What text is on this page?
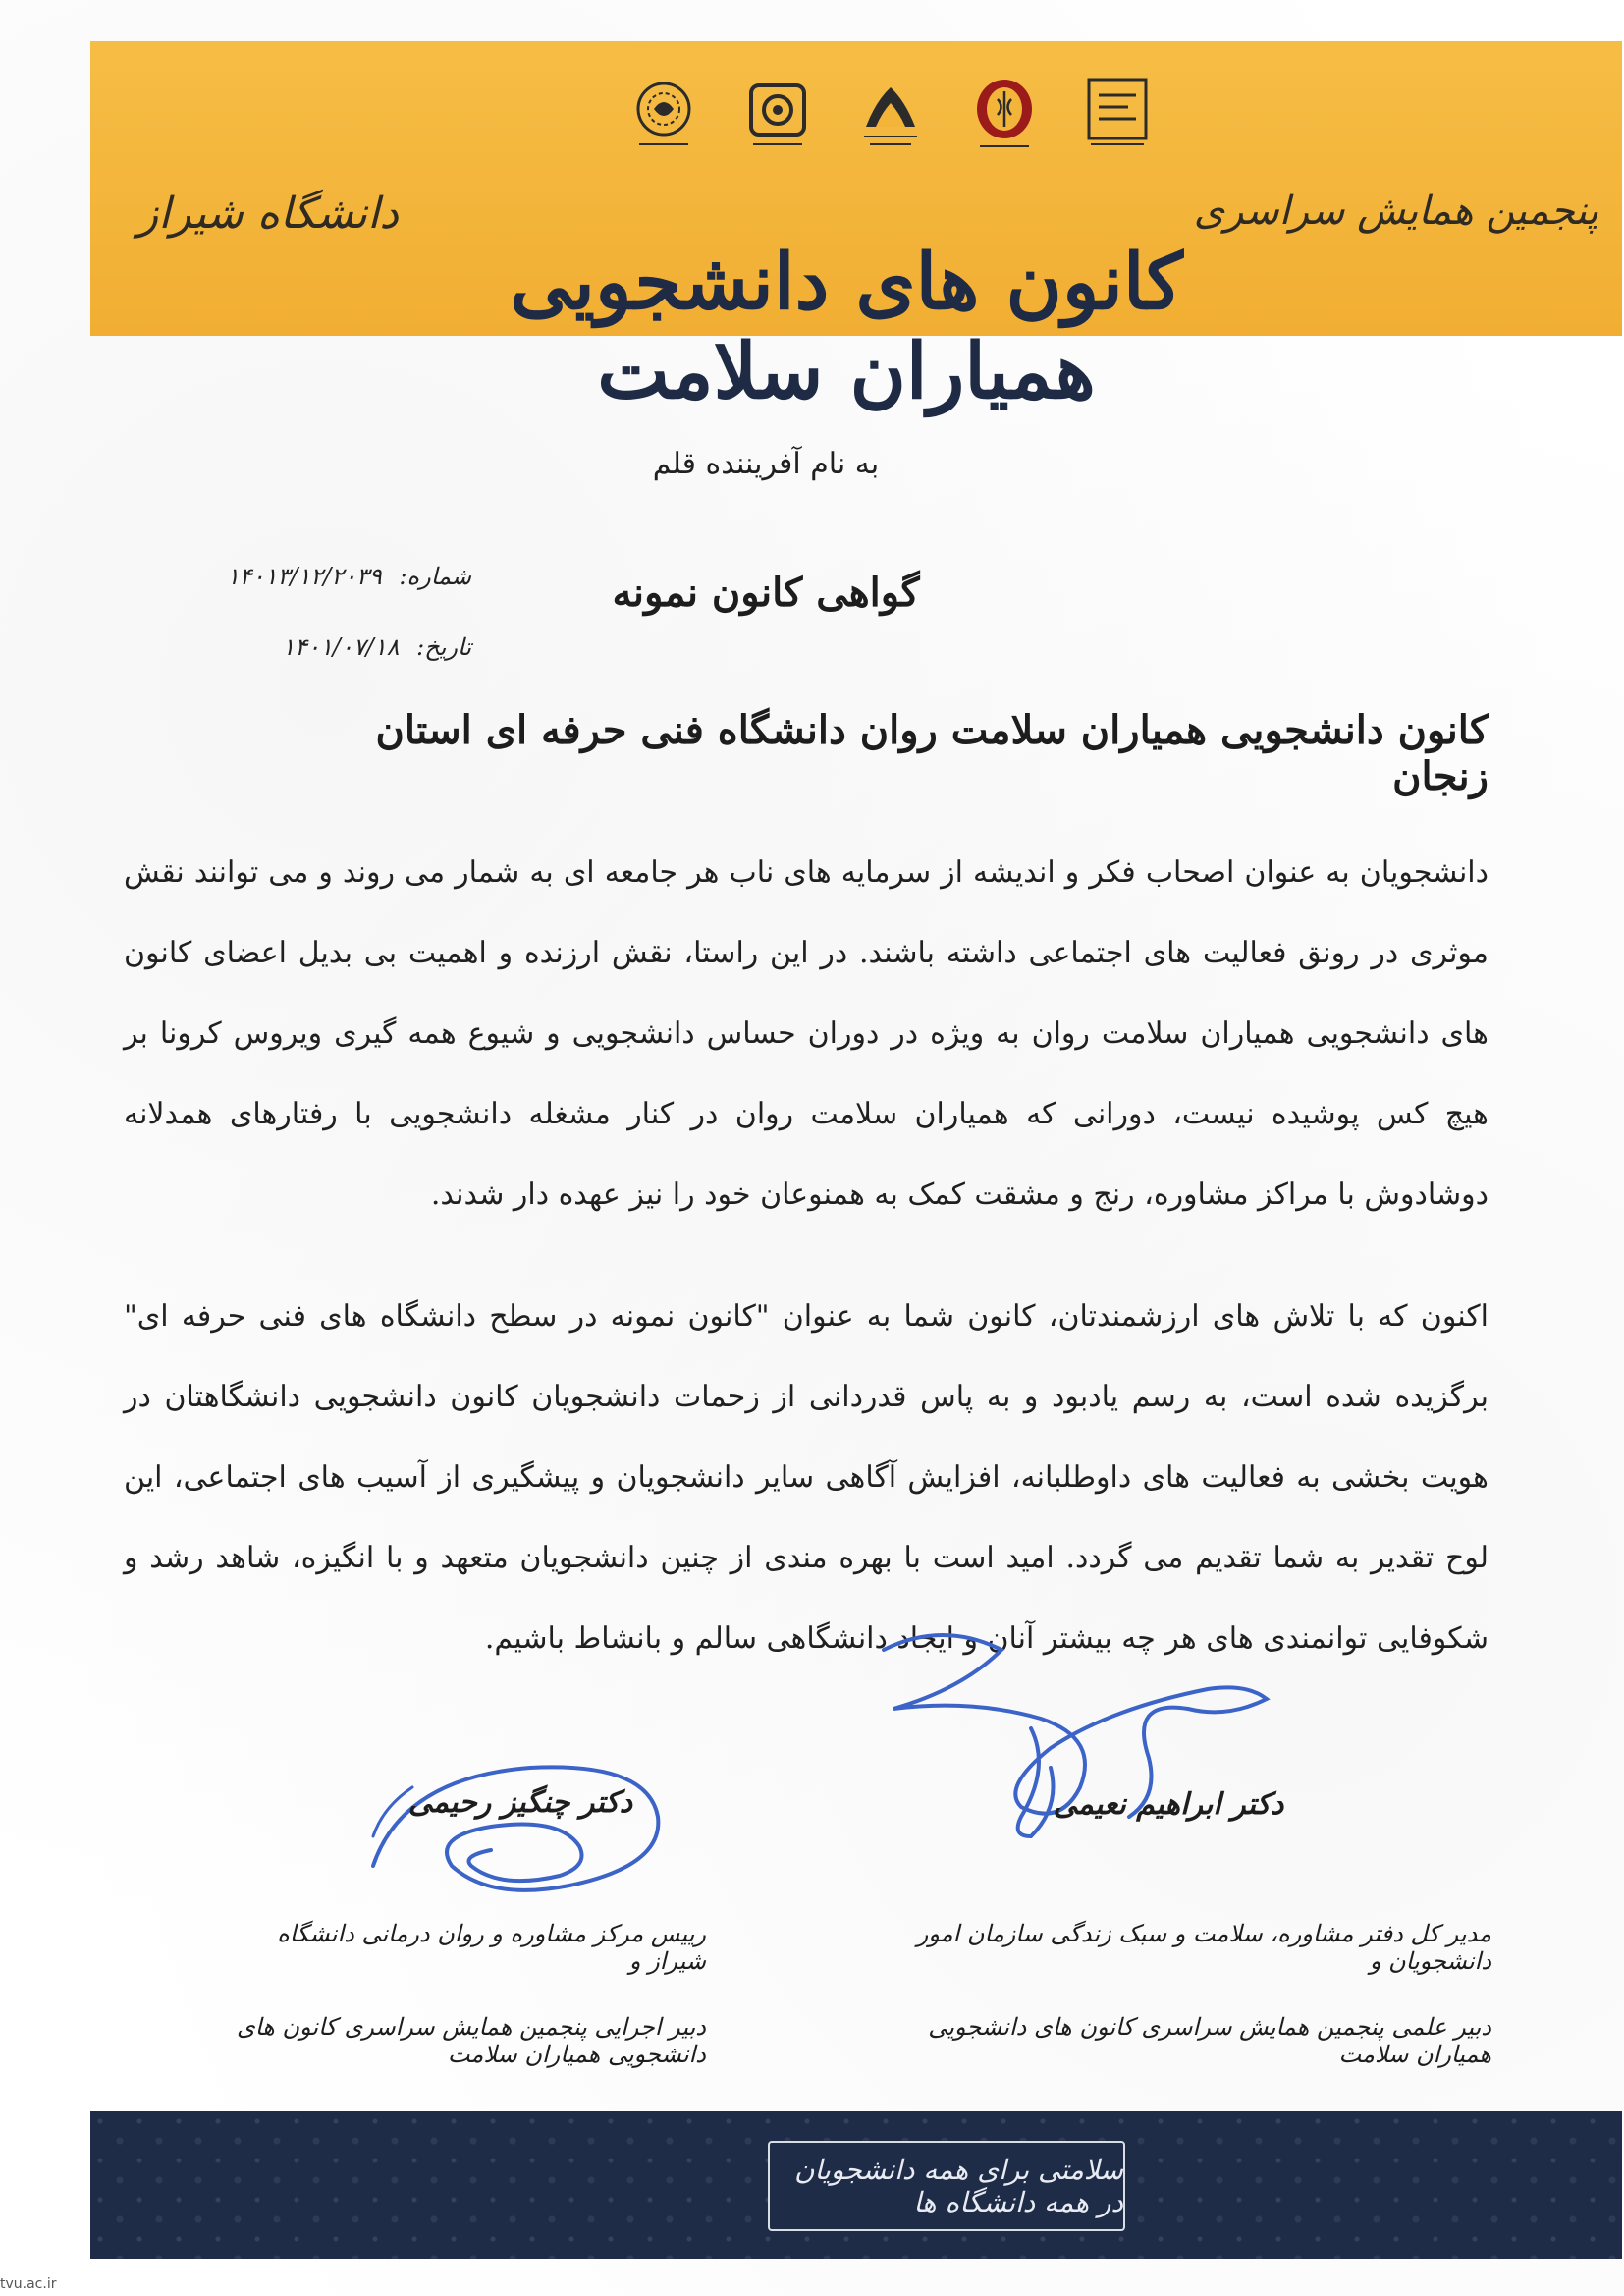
پنجمین همایش سراسری
دانشگاه شیراز
کانون های دانشجویی همیاران سلامت
به نام آفریننده قلم
شماره: ۱۴۰۱۳/۱۲/۲۰۳۹
تاریخ: ۱۴۰۱/۰۷/۱۸
گواهی کانون نمونه
کانون دانشجویی همیاران سلامت روان دانشگاه فنی حرفه ای استان زنجان
دانشجویان به عنوان اصحاب فکر و اندیشه از سرمایه های ناب هر جامعه ای به شمار می روند و می توانند نقش موثری در رونق فعالیت های اجتماعی داشته باشند. در این راستا، نقش ارزنده و اهمیت بی بدیل اعضای کانون های دانشجویی همیاران سلامت روان به ویژه در دوران حساس دانشجویی و شیوع همه گیری ویروس کرونا بر هیچ کس پوشیده نیست، دورانی که همیاران سلامت روان در کنار مشغله دانشجویی با رفتارهای همدلانه دوشادوش با مراکز مشاوره، رنج و مشقت کمک به همنوعان خود را نیز عهده دار شدند.
اکنون که با تلاش های ارزشمندتان، کانون شما به عنوان "کانون نمونه در سطح دانشگاه های فنی حرفه ای" برگزیده شده است، به رسم یادبود و به پاس قدردانی از زحمات دانشجویان کانون دانشجویی دانشگاهتان در هویت بخشی به فعالیت های داوطلبانه، افزایش آگاهی سایر دانشجویان و پیشگیری از آسیب های اجتماعی، این لوح تقدیر به شما تقدیم می گردد. امید است با بهره مندی از چنین دانشجویان متعهد و با انگیزه، شاهد رشد و شکوفایی توانمندی های هر چه بیشتر آنان و ایجاد دانشگاهی سالم و بانشاط باشیم.
دکتر ابراهیم نعیمی
دکتر چنگیز رحیمی
مدیر کل دفتر مشاوره، سلامت و سبک زندگی سازمان امور دانشجویان و
دبیر علمی پنجمین همایش سراسری کانون های دانشجویی همیاران سلامت
رییس مرکز مشاوره و روان درمانی دانشگاه شیراز و
دبیر اجرایی پنجمین همایش سراسری کانون های دانشجویی همیاران سلامت
سلامتی برای همه دانشجویان در همه دانشگاه ها
tvu.ac.ir
